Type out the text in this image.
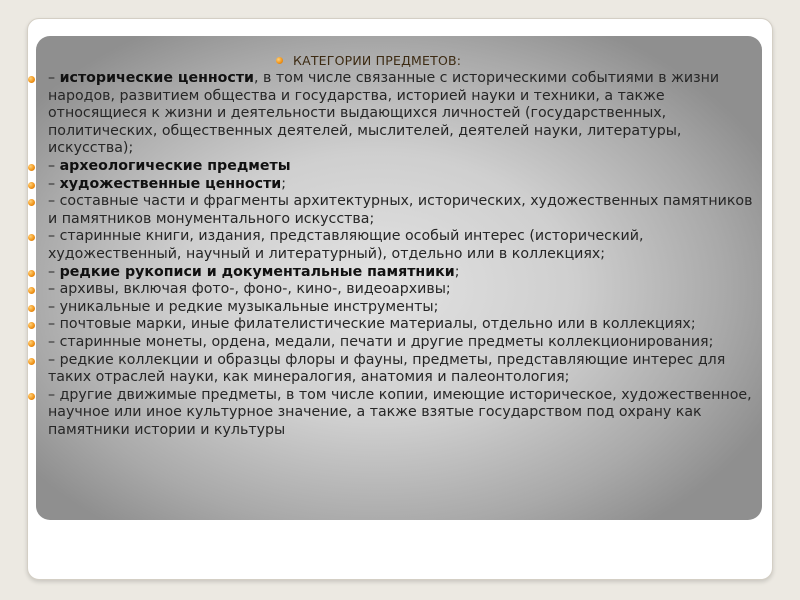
КАТЕГОРИИ ПРЕДМЕТОВ:
– исторические ценности, в том числе связанные с историческими событиями в жизни народов, развитием общества и государства, историей науки и техники, а также относящиеся к жизни и деятельности выдающихся личностей (государственных, политических, общественных деятелей, мыслителей, деятелей науки, литературы, искусства);
– археологические предметы
– художественные ценности;
– составные части и фрагменты архитектурных, исторических, художественных памятников и памятников монументального искусства;
– старинные книги, издания, представляющие особый интерес (исторический, художественный, научный и литературный), отдельно или в коллекциях;
– редкие рукописи и документальные памятники;
– архивы, включая фото-, фоно-, кино-, видеоархивы;
– уникальные и редкие музыкальные инструменты;
– почтовые марки, иные филателистические материалы, отдельно или в коллекциях;
– старинные монеты, ордена, медали, печати и другие предметы коллекционирования;
– редкие коллекции и образцы флоры и фауны, предметы, представляющие интерес для таких отраслей науки, как минералогия, анатомия и палеонтология;
– другие движимые предметы, в том числе копии, имеющие историческое, художественное, научное или иное культурное значение, а также взятые государством под охрану как памятники истории и культуры
